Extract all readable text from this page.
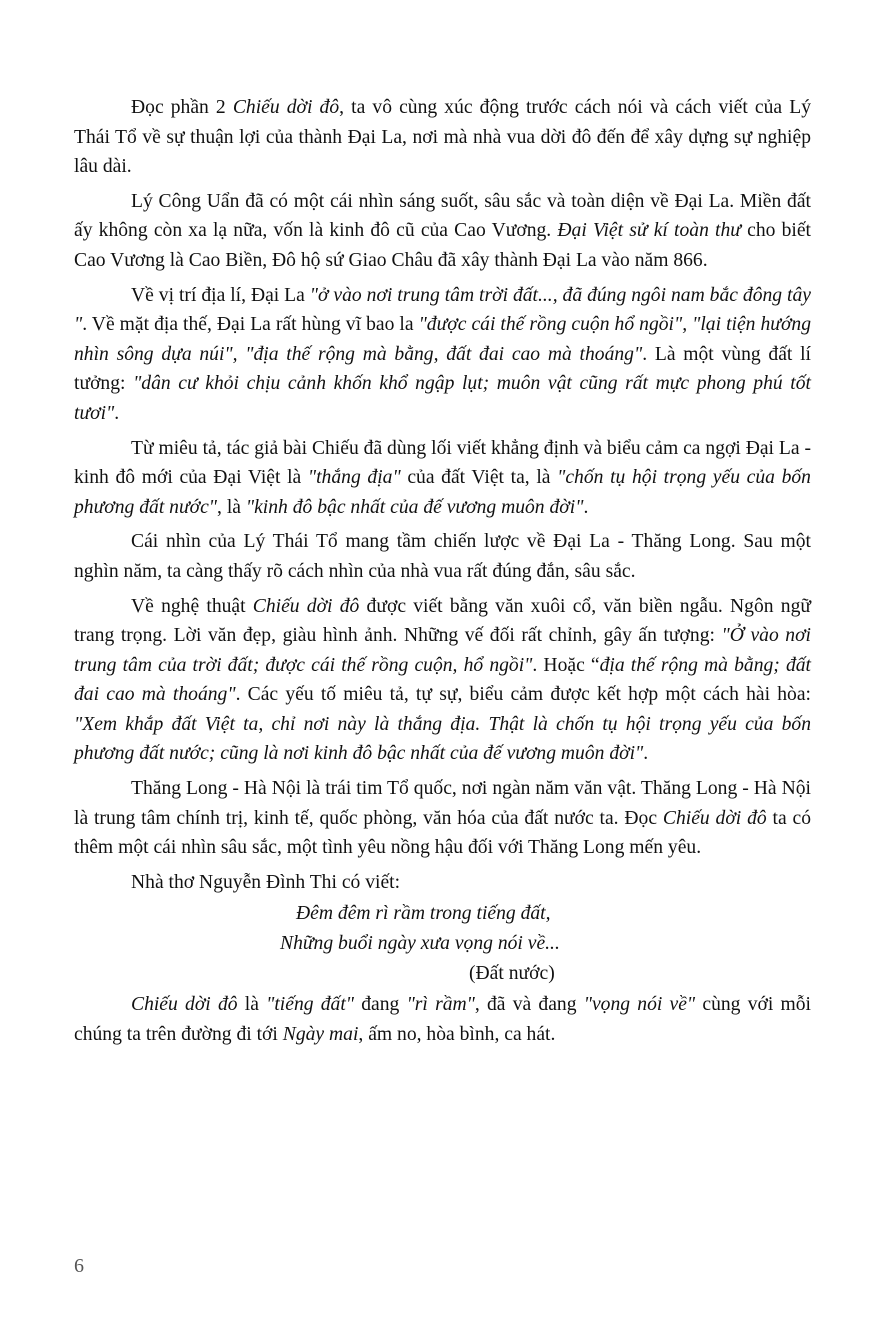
Đọc phần 2 Chiếu dời đô, ta vô cùng xúc động trước cách nói và cách viết của Lý Thái Tổ về sự thuận lợi của thành Đại La, nơi mà nhà vua dời đô đến để xây dựng sự nghiệp lâu dài.

Lý Công Uẩn đã có một cái nhìn sáng suốt, sâu sắc và toàn diện về Đại La. Miền đất ấy không còn xa lạ nữa, vốn là kinh đô cũ của Cao Vương. Đại Việt sử kí toàn thư cho biết Cao Vương là Cao Biền, Đô hộ sứ Giao Châu đã xây thành Đại La vào năm 866.

Về vị trí địa lí, Đại La "ở vào nơi trung tâm trời đất..., đã đúng ngôi nam bắc đông tây ". Về mặt địa thế, Đại La rất hùng vĩ bao la "được cái thế rồng cuộn hổ ngồi", "lại tiện hướng nhìn sông dựa núi", "địa thế rộng mà bằng, đất đai cao mà thoáng". Là một vùng đất lí tưởng: "dân cư khỏi chịu cảnh khốn khổ ngập lụt; muôn vật cũng rất mực phong phú tốt tươi".

Từ miêu tả, tác giả bài Chiếu đã dùng lối viết khẳng định và biểu cảm ca ngợi Đại La - kinh đô mới của Đại Việt là "thắng địa" của đất Việt ta, là "chốn tụ hội trọng yếu của bốn phương đất nước", là "kinh đô bậc nhất của đế vương muôn đời".

Cái nhìn của Lý Thái Tổ mang tầm chiến lược về Đại La - Thăng Long. Sau một nghìn năm, ta càng thấy rõ cách nhìn của nhà vua rất đúng đắn, sâu sắc.

Về nghệ thuật Chiếu dời đô được viết bằng văn xuôi cổ, văn biền ngẫu. Ngôn ngữ trang trọng. Lời văn đẹp, giàu hình ảnh. Những vế đối rất chỉnh, gây ấn tượng: "Ở vào nơi trung tâm của trời đất; được cái thế rồng cuộn, hổ ngồi". Hoặc “địa thế rộng mà bằng; đất đai cao mà thoáng". Các yếu tố miêu tả, tự sự, biểu cảm được kết hợp một cách hài hòa: "Xem khắp đất Việt ta, chỉ nơi này là thắng địa. Thật là chốn tụ hội trọng yếu của bốn phương đất nước; cũng là nơi kinh đô bậc nhất của đế vương muôn đời".

Thăng Long - Hà Nội là trái tim Tổ quốc, nơi ngàn năm văn vật. Thăng Long - Hà Nội là trung tâm chính trị, kinh tế, quốc phòng, văn hóa của đất nước ta. Đọc Chiếu dời đô ta có thêm một cái nhìn sâu sắc, một tình yêu nồng hậu đối với Thăng Long mến yêu.

Nhà thơ Nguyễn Đình Thi có viết:

Đêm đêm rì rầm trong tiếng đất,

Những buổi ngày xưa vọng nói về...

(Đất nước)

Chiếu dời đô là "tiếng đất" đang "rì rầm", đã và đang "vọng nói về" cùng với mỗi chúng ta trên đường đi tới Ngày mai, ấm no, hòa bình, ca hát.

6
